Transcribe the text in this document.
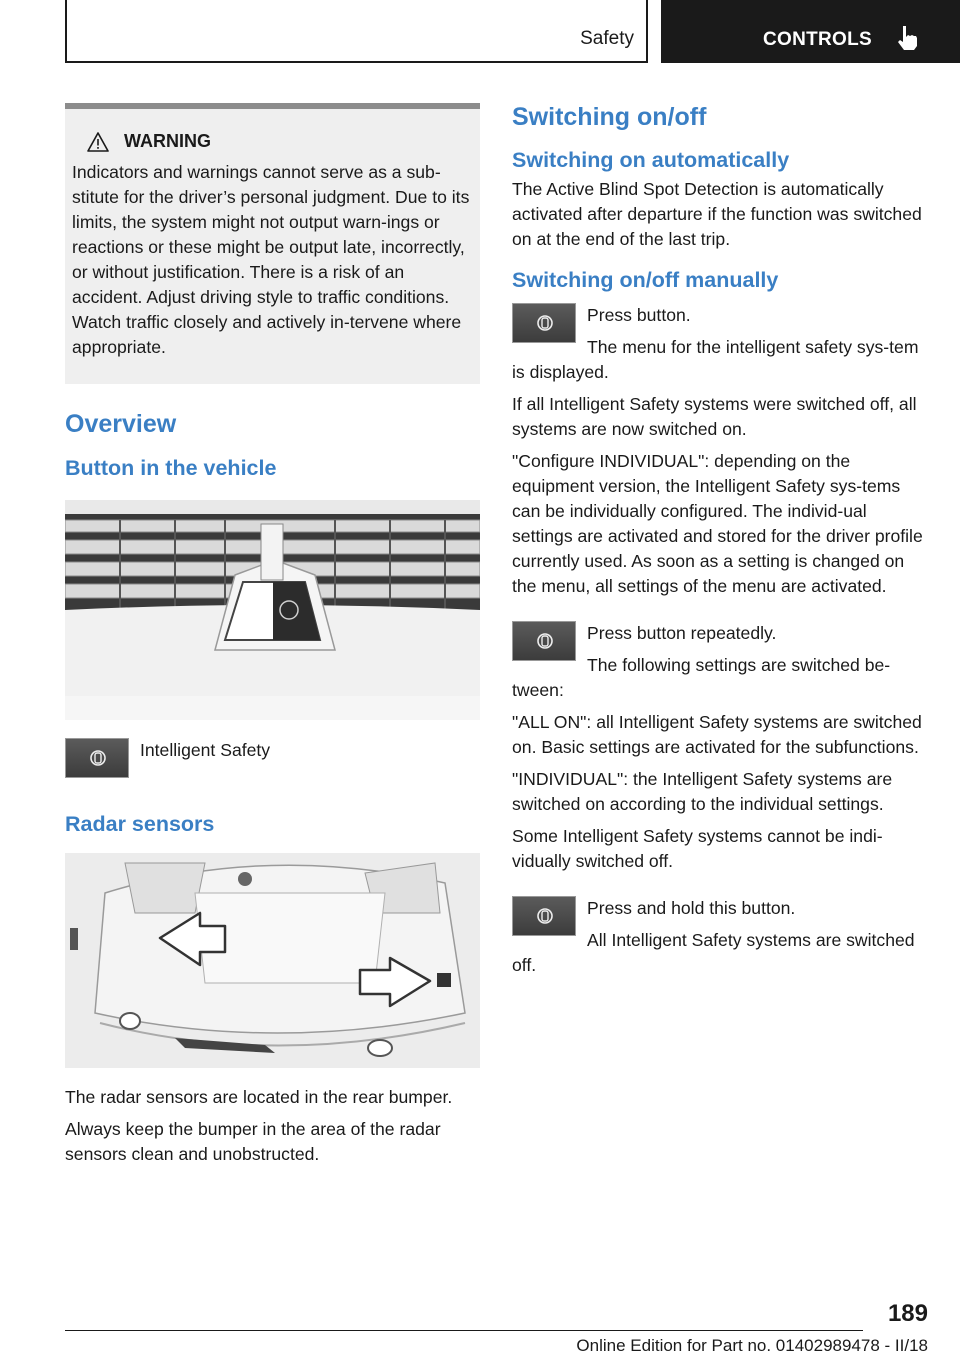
Safety	CONTROLS
WARNING
Indicators and warnings cannot serve as a sub-stitute for the driver’s personal judgment. Due to its limits, the system might not output warn-ings or reactions or these might be output late, incorrectly, or without justification. There is a risk of an accident. Adjust driving style to traffic conditions. Watch traffic closely and actively in-tervene where appropriate.
Overview
Button in the vehicle

Intelligent Safety

Radar sensors

The radar sensors are located in the rear bumper.

Always keep the bumper in the area of the radar sensors clean and unobstructed.

Switching on/off
Switching on automatically

The Active Blind Spot Detection is automatically activated after departure if the function was switched on at the end of the last trip.

Switching on/off manually

Press button.

The menu for the intelligent safety sys-tem is displayed.

If all Intelligent Safety systems were switched off, all systems are now switched on.

"Configure INDIVIDUAL": depending on the equipment version, the Intelligent Safety sys-tems can be individually configured. The individ-ual settings are activated and stored for the driver profile currently used. As soon as a setting is changed on the menu, all settings of the menu are activated.

Press button repeatedly.

The following settings are switched be-tween:

"ALL ON": all Intelligent Safety systems are switched on. Basic settings are activated for the subfunctions.

"INDIVIDUAL": the Intelligent Safety systems are switched on according to the individual settings.

Some Intelligent Safety systems cannot be indi-vidually switched off.

Press and hold this button.

All Intelligent Safety systems are switched off.

189
Online Edition for Part no. 01402989478 - II/18
